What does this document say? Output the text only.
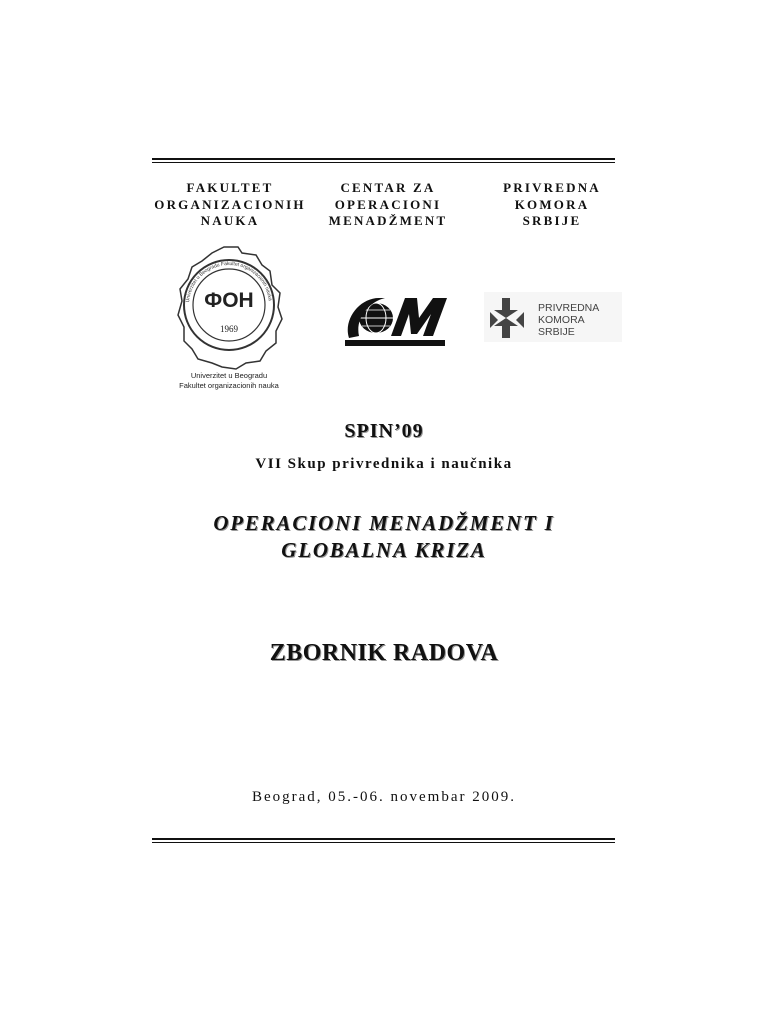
FAKULTET
ORGANIZACIONIH
NAUKA
CENTAR ZA
OPERACIONI
MENADŽMENT
PRIVREDNA
KOMORA
SRBIJE
Univerzitet u Beogradu Fakultet organizacionih nauka
ФОН
1969
Univerzitet u Beogradu
Fakultet organizacionih nauka
PRIVREDNA
KOMORA
SRBIJE
SPIN’09
VII Skup privrednika i naučnika
OPERACIONI MENADŽMENT I
GLOBALNA KRIZA
ZBORNIK RADOVA
Beograd, 05.-06. novembar 2009.
